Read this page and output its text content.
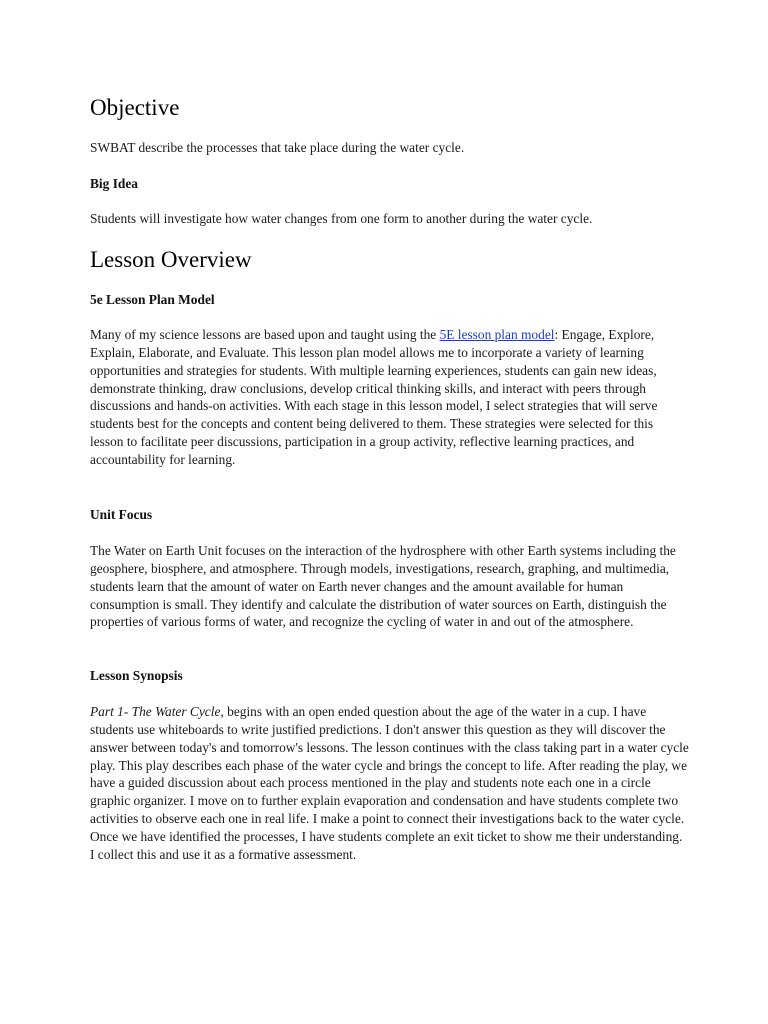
Objective

SWBAT describe the processes that take place during the water cycle.

Big Idea

Students will investigate how water changes from one form to another during the water cycle.

Lesson Overview
5e Lesson Plan Model

Many of my science lessons are based upon and taught using the 5E lesson plan model: Engage, Explore, Explain, Elaborate, and Evaluate. This lesson plan model allows me to incorporate a variety of learning opportunities and strategies for students. With multiple learning experiences, students can gain new ideas, demonstrate thinking, draw conclusions, develop critical thinking skills, and interact with peers through discussions and hands-on activities. With each stage in this lesson model, I select strategies that will serve students best for the concepts and content being delivered to them. These strategies were selected for this lesson to facilitate peer discussions, participation in a group activity, reflective learning practices, and accountability for learning.

Unit Focus

The Water on Earth Unit focuses on the interaction of the hydrosphere with other Earth systems including the geosphere, biosphere, and atmosphere. Through models, investigations, research, graphing, and multimedia, students learn that the amount of water on Earth never changes and the amount available for human consumption is small. They identify and calculate the distribution of water sources on Earth, distinguish the properties of various forms of water, and recognize the cycling of water in and out of the atmosphere.

Lesson Synopsis

Part 1- The Water Cycle, begins with an open ended question about the age of the water in a cup. I have students use whiteboards to write justified predictions. I don't answer this question as they will discover the answer between today's and tomorrow's lessons. The lesson continues with the class taking part in a water cycle play. This play describes each phase of the water cycle and brings the concept to life. After reading the play, we have a guided discussion about each process mentioned in the play and students note each one in a circle graphic organizer. I move on to further explain evaporation and condensation and have students complete two activities to observe each one in real life. I make a point to connect their investigations back to the water cycle. Once we have identified the processes, I have students complete an exit ticket to show me their understanding. I collect this and use it as a formative assessment.
